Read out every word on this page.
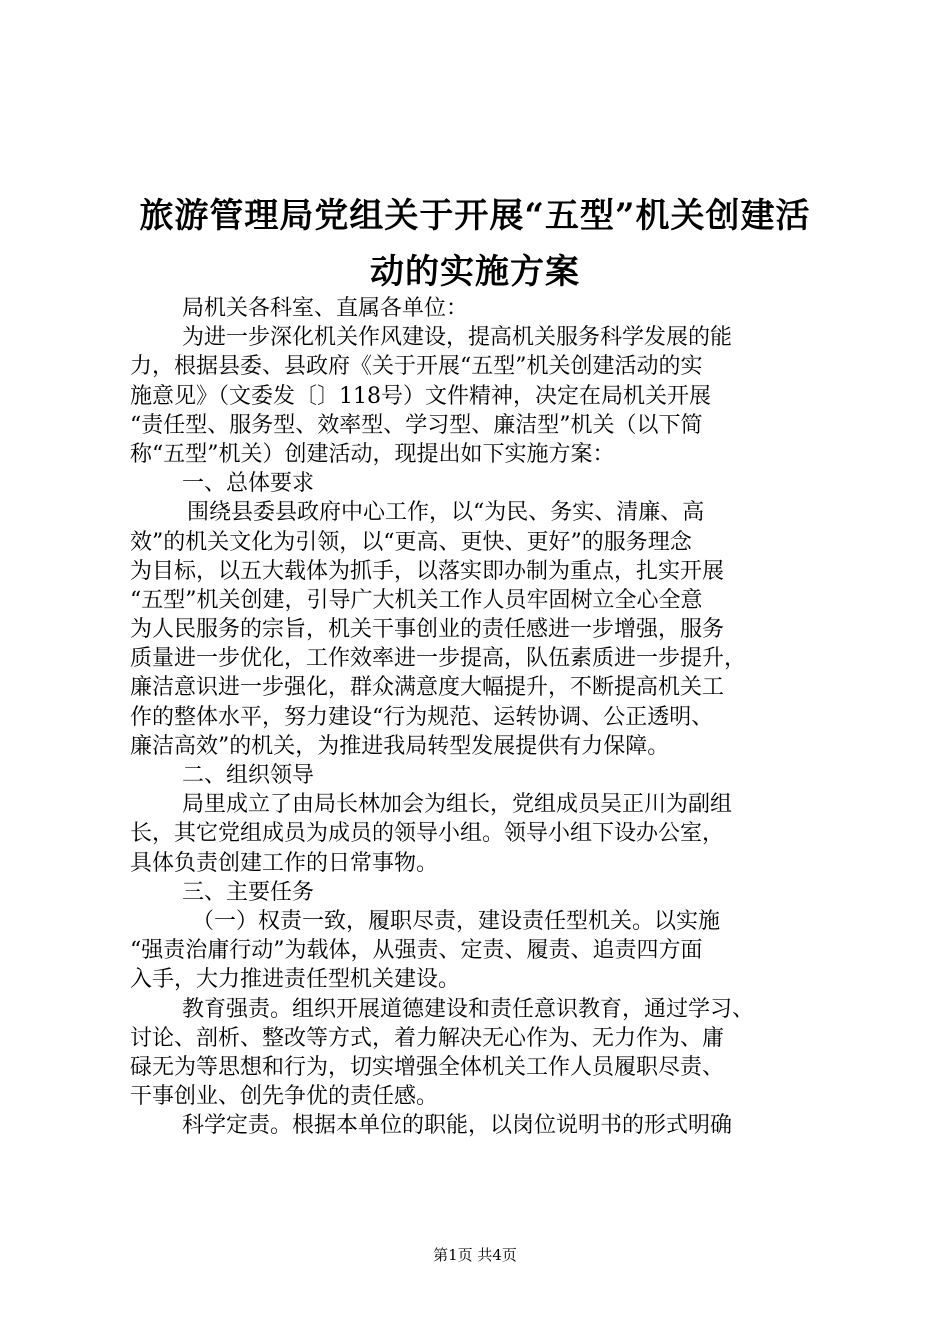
旅游管理局党组关于开展“五型”机关创建活
动的实施方案
局机关各科室、直属各单位：
为进一步深化机关作风建设，提高机关服务科学发展的能
力，根据县委、县政府《关于开展“五型”机关创建活动的实
施意见》（文委发〔〕118号）文件精神，决定在局机关开展
“责任型、服务型、效率型、学习型、廉洁型”机关（以下简
称“五型”机关）创建活动，现提出如下实施方案：
一、总体要求
围绕县委县政府中心工作，以“为民、务实、清廉、高
效”的机关文化为引领，以“更高、更快、更好”的服务理念
为目标，以五大载体为抓手，以落实即办制为重点，扎实开展
“五型”机关创建，引导广大机关工作人员牢固树立全心全意
为人民服务的宗旨，机关干事创业的责任感进一步增强，服务
质量进一步优化，工作效率进一步提高，队伍素质进一步提升，
廉洁意识进一步强化，群众满意度大幅提升，不断提高机关工
作的整体水平，努力建设“行为规范、运转协调、公正透明、
廉洁高效”的机关，为推进我局转型发展提供有力保障。
二、组织领导
局里成立了由局长林加会为组长，党组成员吴正川为副组
长，其它党组成员为成员的领导小组。领导小组下设办公室，
具体负责创建工作的日常事物。
三、主要任务
（一）权责一致，履职尽责，建设责任型机关。以实施
“强责治庸行动”为载体，从强责、定责、履责、追责四方面
入手，大力推进责任型机关建设。
教育强责。组织开展道德建设和责任意识教育，通过学习、
讨论、剖析、整改等方式，着力解决无心作为、无力作为、庸
碌无为等思想和行为，切实增强全体机关工作人员履职尽责、
干事创业、创先争优的责任感。
科学定责。根据本单位的职能，以岗位说明书的形式明确
第1页 共4页
